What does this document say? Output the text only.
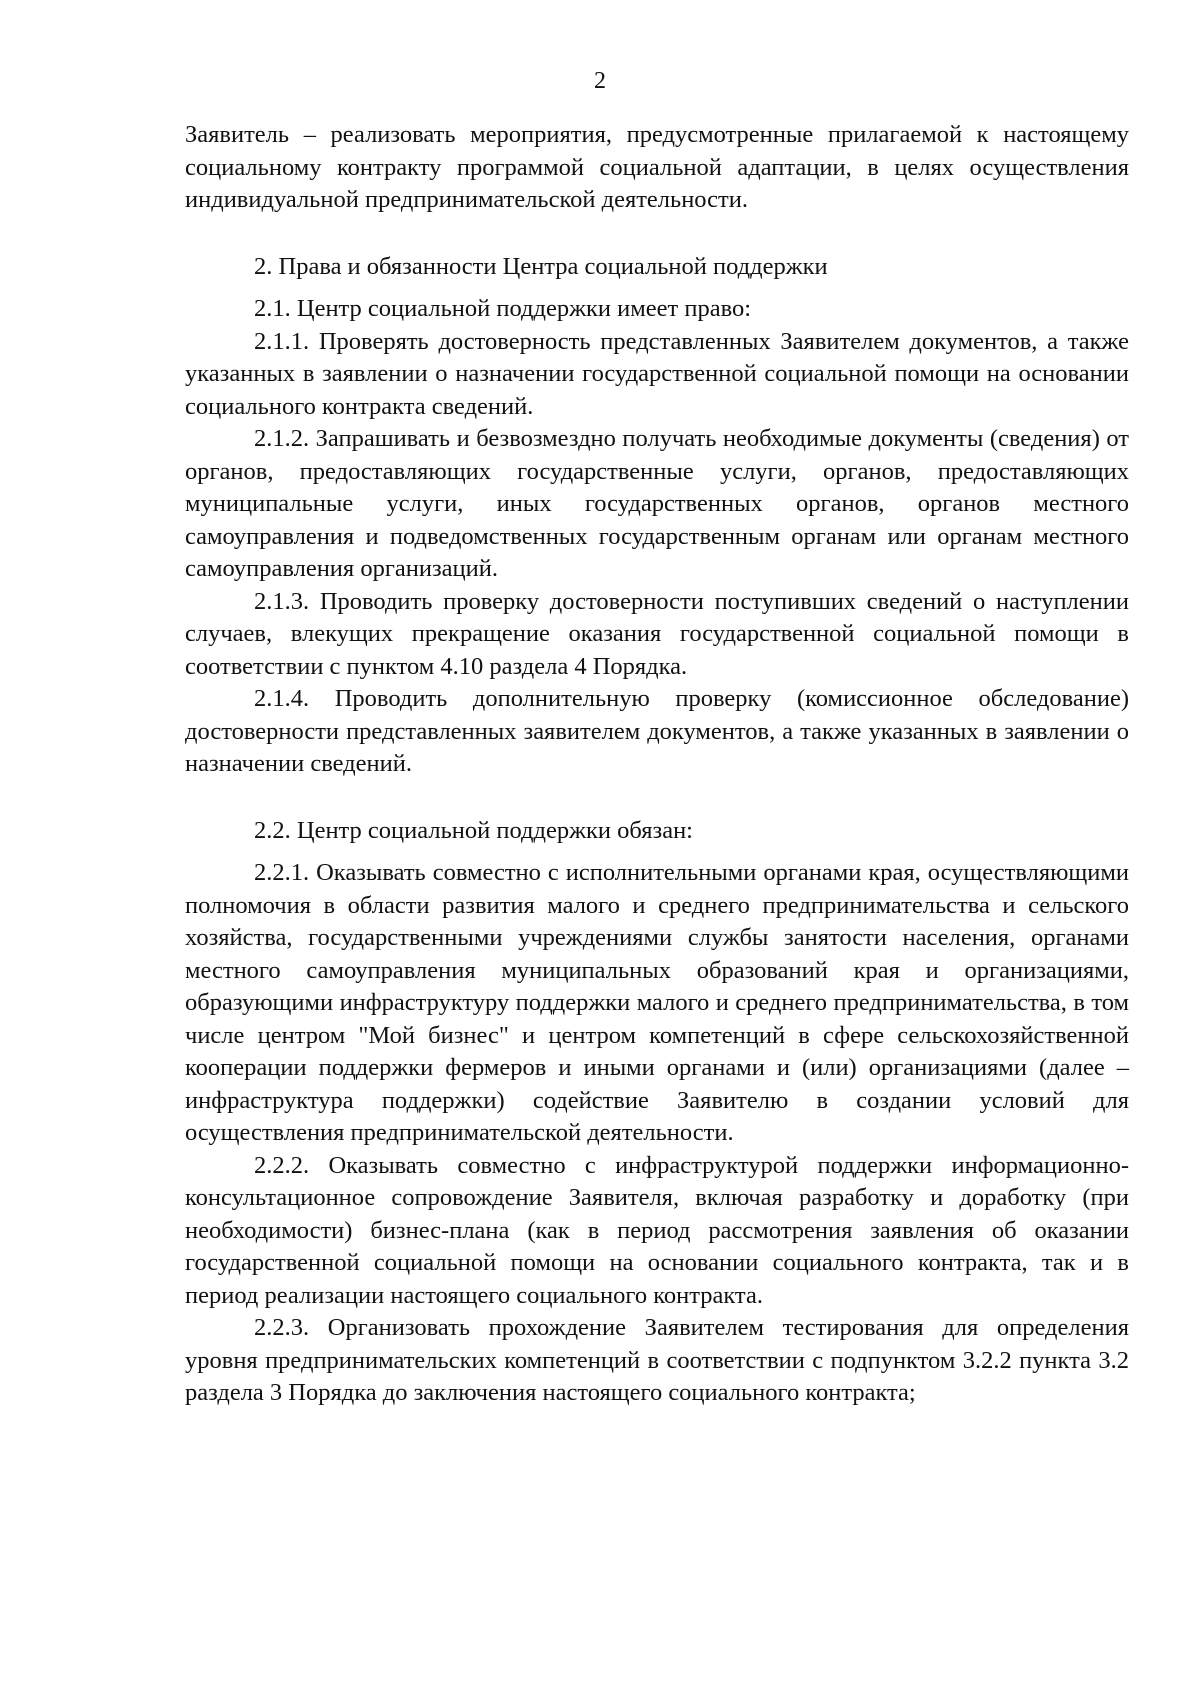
2

Заявитель – реализовать мероприятия, предусмотренные прилагаемой к настоящему социальному контракту программой социальной адаптации, в целях осуществления индивидуальной предпринимательской деятельности.

2. Права и обязанности Центра социальной поддержки

2.1. Центр социальной поддержки имеет право:

2.1.1. Проверять достоверность представленных Заявителем документов, а также указанных в заявлении о назначении государственной социальной помощи на основании социального контракта сведений.

2.1.2. Запрашивать и безвозмездно получать необходимые документы (сведения) от органов, предоставляющих государственные услуги, органов, предоставляющих муниципальные услуги, иных государственных органов, органов местного самоуправления и подведомственных государственным органам или органам местного самоуправления организаций.

2.1.3. Проводить проверку достоверности поступивших сведений о наступлении случаев, влекущих прекращение оказания государственной социальной помощи в соответствии с пунктом 4.10 раздела 4 Порядка.

2.1.4. Проводить дополнительную проверку (комиссионное обследование) достоверности представленных заявителем документов, а также указанных в заявлении о назначении сведений.

2.2. Центр социальной поддержки обязан:

2.2.1. Оказывать совместно с исполнительными органами края, осуществляющими полномочия в области развития малого и среднего предпринимательства и сельского хозяйства, государственными учреждениями службы занятости населения, органами местного самоуправления муниципальных образований края и организациями, образующими инфраструктуру поддержки малого и среднего предпринимательства, в том числе центром "Мой бизнес" и центром компетенций в сфере сельскохозяйственной кооперации поддержки фермеров и иными органами и (или) организациями (далее – инфраструктура поддержки) содействие Заявителю в создании условий для осуществления предпринимательской деятельности.

2.2.2. Оказывать совместно с инфраструктурой поддержки информационно-консультационное сопровождение Заявителя, включая разработку и доработку (при необходимости) бизнес-плана (как в период рассмотрения заявления об оказании государственной социальной помощи на основании социального контракта, так и в период реализации настоящего социального контракта.

2.2.3. Организовать прохождение Заявителем тестирования для определения уровня предпринимательских компетенций в соответствии с подпунктом 3.2.2 пункта 3.2 раздела 3 Порядка до заключения настоящего социального контракта;
